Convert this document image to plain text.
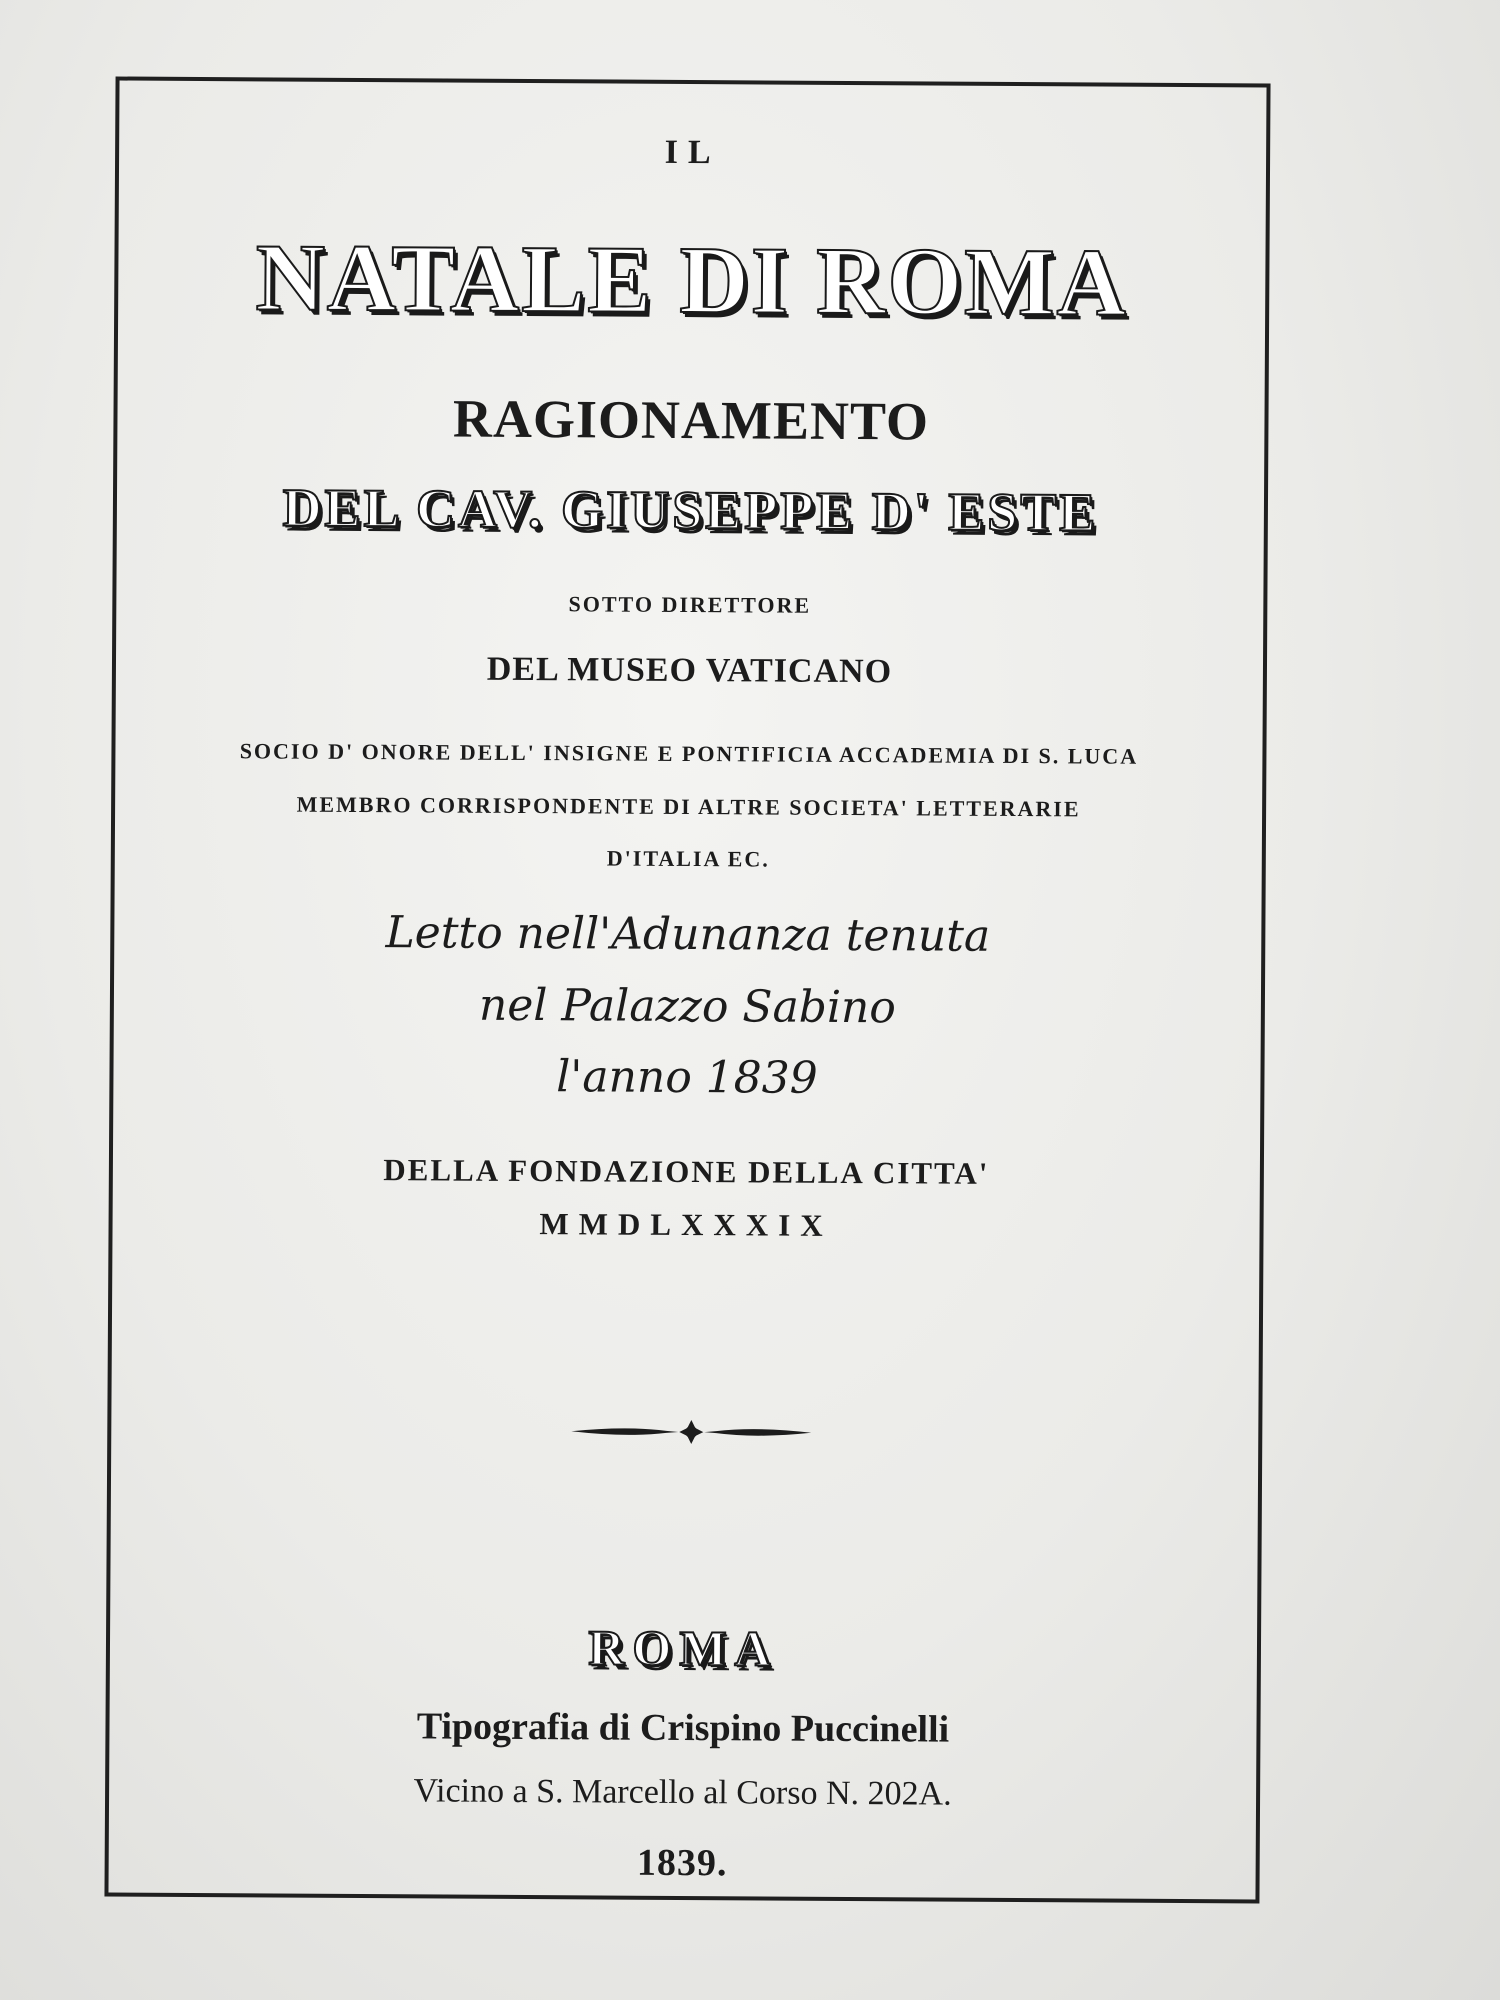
IL
NATALE DI ROMA
RAGIONAMENTO
DEL CAV. GIUSEPPE D' ESTE
SOTTO DIRETTORE
DEL MUSEO VATICANO
SOCIO D' ONORE DELL' INSIGNE E PONTIFICIA ACCADEMIA DI S. LUCA
MEMBRO CORRISPONDENTE DI ALTRE SOCIETA' LETTERARIE
D'ITALIA EC.
Letto nell'Adunanza tenuta
nel Palazzo Sabino
l'anno 1839
DELLA FONDAZIONE DELLA CITTA'
MMDLXXXIX
ROMA
Tipografia di Crispino Puccinelli
Vicino a S. Marcello al Corso N. 202A.
1839.
